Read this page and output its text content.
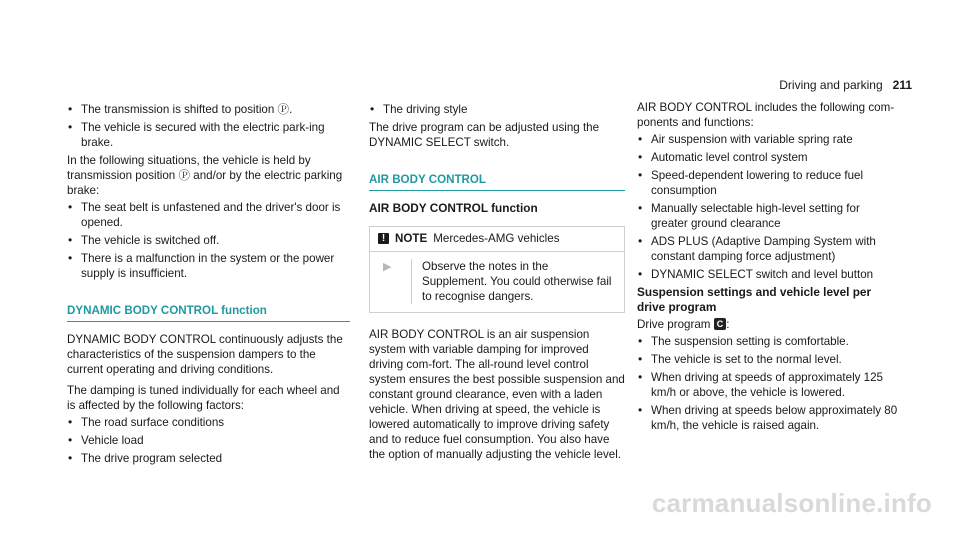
Driving and parking 211
• The transmission is shifted to position Ⓟ.
• The vehicle is secured with the electric park-ing brake.

In the following situations, the vehicle is held by transmission position Ⓟ and/or by the electric parking brake:

• The seat belt is unfastened and the driver's door is opened.
• The vehicle is switched off.
• There is a malfunction in the system or the power supply is insufficient.
DYNAMIC BODY CONTROL function

DYNAMIC BODY CONTROL continuously adjusts the characteristics of the suspension dampers to the current operating and driving conditions.

The damping is tuned individually for each wheel and is affected by the following factors:

• The road surface conditions
• Vehicle load
• The drive program selected
• The driving style

The drive program can be adjusted using the DYNAMIC SELECT switch.

AIR BODY CONTROL
AIR BODY CONTROL function
! NOTE Mercedes-AMG vehicles
▶	Observe the notes in the Supplement. You could otherwise fail to recognise dangers.

AIR BODY CONTROL is an air suspension system with variable damping for improved driving com-fort. The all-round level control system ensures the best possible suspension and constant ground clearance, even with a laden vehicle. When driving at speed, the vehicle is lowered automatically to improve driving safety and to reduce fuel consumption. You also have the option of manually adjusting the vehicle level.

AIR BODY CONTROL includes the following com-ponents and functions:

• Air suspension with variable spring rate
• Automatic level control system
• Speed-dependent lowering to reduce fuel consumption
• Manually selectable high-level setting for greater ground clearance
• ADS PLUS (Adaptive Damping System with constant damping force adjustment)
• DYNAMIC SELECT switch and level button
Suspension settings and vehicle level per drive program

Drive program C :

• The suspension setting is comfortable.
• The vehicle is set to the normal level.
• When driving at speeds of approximately 125 km/h or above, the vehicle is lowered.
• When driving at speeds below approximately 80 km/h, the vehicle is raised again.
carmanualsonline.info
